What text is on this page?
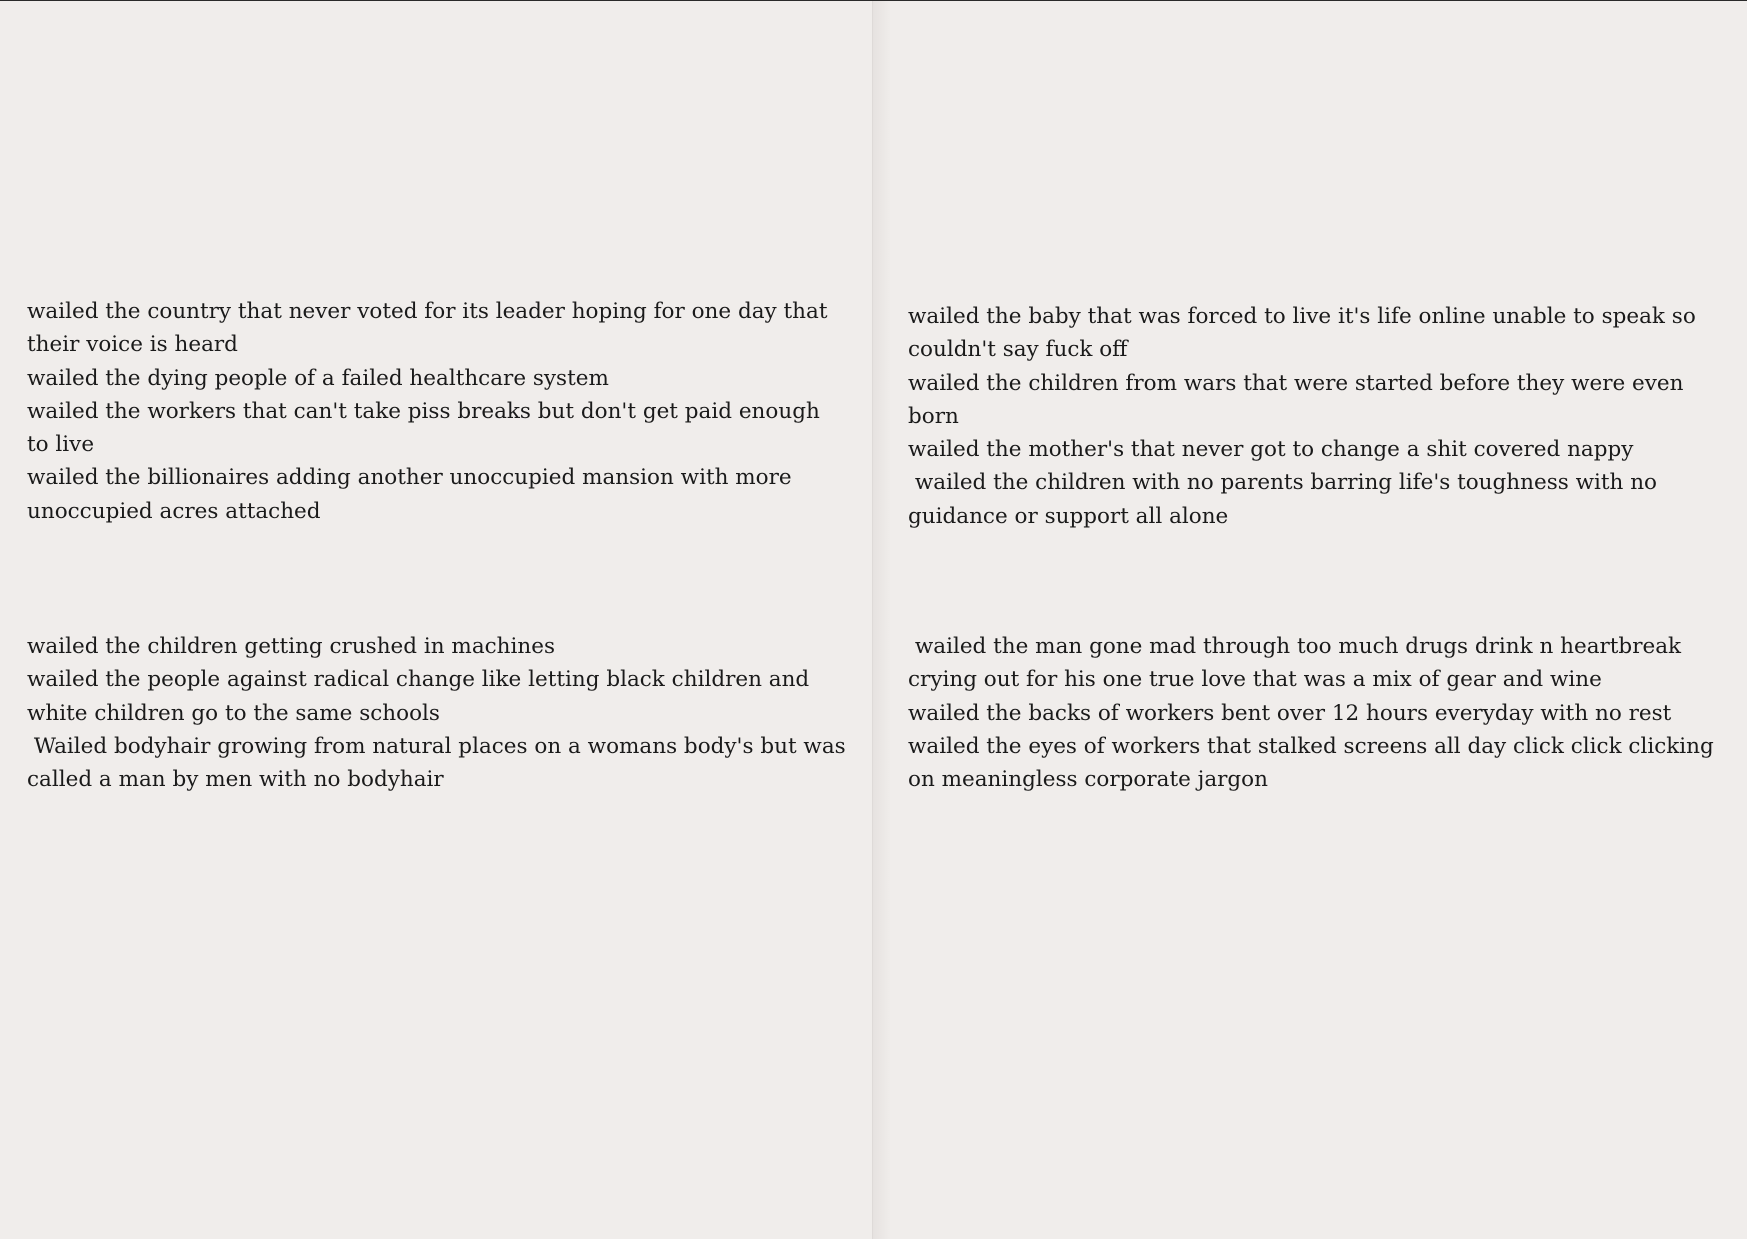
wailed the country that never voted for its leader hoping for one day that their voice is heard
wailed the dying people of a failed healthcare system
wailed the workers that can't take piss breaks but don't get paid enough to live
wailed the billionaires adding another unoccupied mansion with more unoccupied acres attached
wailed the children getting crushed in machines
wailed the people against radical change like letting black children and white children go to the same schools
Wailed bodyhair growing from natural places on a womans body's but was called a man by men with no bodyhair
wailed the baby that was forced to live it's life online unable to speak so couldn't say fuck off
wailed the children from wars that were started before they were even born
wailed the mother's that never got to change a shit covered nappy
wailed the children with no parents barring life's toughness with no guidance or support all alone
wailed the man gone mad through too much drugs drink n heartbreak crying out for his one true love that was a mix of gear and wine
wailed the backs of workers bent over 12 hours everyday with no rest
wailed the eyes of workers that stalked screens all day click click clicking on meaningless corporate jargon
